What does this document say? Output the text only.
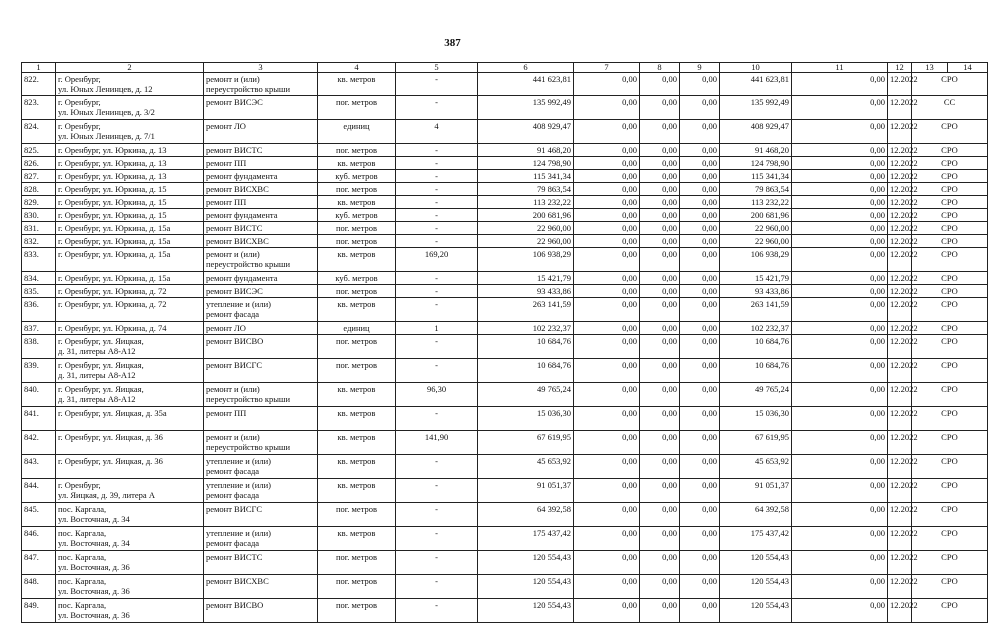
387
1	2	3	4	5	6	7	8	9	10	11	12	13	14
822.	г. Оренбург,
ул. Юных Ленинцев, д. 12	ремонт и (или)
переустройство крыши	кв. метров	-	441 623,81	0,00	0,00	0,00	441 623,81	0,00	12.2022	СРО	
823.	г. Оренбург,
ул. Юных Ленинцев, д. 3/2	ремонт ВИСЭС	пог. метров	-	135 992,49	0,00	0,00	0,00	135 992,49	0,00	12.2022	СС	
824.	г. Оренбург,
ул. Юных Ленинцев, д. 7/1	ремонт ЛО	единиц	4	408 929,47	0,00	0,00	0,00	408 929,47	0,00	12.2022	СРО	
825.	г. Оренбург, ул. Юркина, д. 13	ремонт ВИСТС	пог. метров	-	91 468,20	0,00	0,00	0,00	91 468,20	0,00	12.2022	СРО	
826.	г. Оренбург, ул. Юркина, д. 13	ремонт ПП	кв. метров	-	124 798,90	0,00	0,00	0,00	124 798,90	0,00	12.2022	СРО	
827.	г. Оренбург, ул. Юркина, д. 13	ремонт фундамента	куб. метров	-	115 341,34	0,00	0,00	0,00	115 341,34	0,00	12.2022	СРО	
828.	г. Оренбург, ул. Юркина, д. 15	ремонт ВИСХВС	пог. метров	-	79 863,54	0,00	0,00	0,00	79 863,54	0,00	12.2022	СРО	
829.	г. Оренбург, ул. Юркина, д. 15	ремонт ПП	кв. метров	-	113 232,22	0,00	0,00	0,00	113 232,22	0,00	12.2022	СРО	
830.	г. Оренбург, ул. Юркина, д. 15	ремонт фундамента	куб. метров	-	200 681,96	0,00	0,00	0,00	200 681,96	0,00	12.2022	СРО	
831.	г. Оренбург, ул. Юркина, д. 15а	ремонт ВИСТС	пог. метров	-	22 960,00	0,00	0,00	0,00	22 960,00	0,00	12.2022	СРО	
832.	г. Оренбург, ул. Юркина, д. 15а	ремонт ВИСХВС	пог. метров	-	22 960,00	0,00	0,00	0,00	22 960,00	0,00	12.2022	СРО	
833.	г. Оренбург, ул. Юркина, д. 15а	ремонт и (или)
переустройство крыши	кв. метров	169,20	106 938,29	0,00	0,00	0,00	106 938,29	0,00	12.2022	СРО	
834.	г. Оренбург, ул. Юркина, д. 15а	ремонт фундамента	куб. метров	-	15 421,79	0,00	0,00	0,00	15 421,79	0,00	12.2022	СРО	
835.	г. Оренбург, ул. Юркина, д. 72	ремонт ВИСЭС	пог. метров	-	93 433,86	0,00	0,00	0,00	93 433,86	0,00	12.2022	СРО	
836.	г. Оренбург, ул. Юркина, д. 72	утепление и (или)
ремонт фасада	кв. метров	-	263 141,59	0,00	0,00	0,00	263 141,59	0,00	12.2022	СРО	
837.	г. Оренбург, ул. Юркина, д. 74	ремонт ЛО	единиц	1	102 232,37	0,00	0,00	0,00	102 232,37	0,00	12.2022	СРО	
838.	г. Оренбург, ул. Яицкая,
д. 31, литеры А8-А12	ремонт ВИСВО	пог. метров	-	10 684,76	0,00	0,00	0,00	10 684,76	0,00	12.2022	СРО	
839.	г. Оренбург, ул. Яицкая,
д. 31, литеры А8-А12	ремонт ВИСГС	пог. метров	-	10 684,76	0,00	0,00	0,00	10 684,76	0,00	12.2022	СРО	
840.	г. Оренбург, ул. Яицкая,
д. 31, литеры А8-А12	ремонт и (или)
переустройство крыши	кв. метров	96,30	49 765,24	0,00	0,00	0,00	49 765,24	0,00	12.2022	СРО	
841.	г. Оренбург, ул. Яицкая, д. 35а	ремонт ПП	кв. метров	-	15 036,30	0,00	0,00	0,00	15 036,30	0,00	12.2022	СРО	
842.	г. Оренбург, ул. Яицкая, д. 36	ремонт и (или)
переустройство крыши	кв. метров	141,90	67 619,95	0,00	0,00	0,00	67 619,95	0,00	12.2022	СРО	
843.	г. Оренбург, ул. Яицкая, д. 36	утепление и (или)
ремонт фасада	кв. метров	-	45 653,92	0,00	0,00	0,00	45 653,92	0,00	12.2022	СРО	
844.	г. Оренбург,
ул. Яицкая, д. 39, литера А	утепление и (или)
ремонт фасада	кв. метров	-	91 051,37	0,00	0,00	0,00	91 051,37	0,00	12.2022	СРО	
845.	пос. Каргала,
ул. Восточная, д. 34	ремонт ВИСГС	пог. метров	-	64 392,58	0,00	0,00	0,00	64 392,58	0,00	12.2022	СРО	
846.	пос. Каргала,
ул. Восточная, д. 34	утепление и (или)
ремонт фасада	кв. метров	-	175 437,42	0,00	0,00	0,00	175 437,42	0,00	12.2022	СРО	
847.	пос. Каргала,
ул. Восточная, д. 36	ремонт ВИСТС	пог. метров	-	120 554,43	0,00	0,00	0,00	120 554,43	0,00	12.2022	СРО	
848.	пос. Каргала,
ул. Восточная, д. 36	ремонт ВИСХВС	пог. метров	-	120 554,43	0,00	0,00	0,00	120 554,43	0,00	12.2022	СРО	
849.	пос. Каргала,
ул. Восточная, д. 36	ремонт ВИСВО	пог. метров	-	120 554,43	0,00	0,00	0,00	120 554,43	0,00	12.2022	СРО	
